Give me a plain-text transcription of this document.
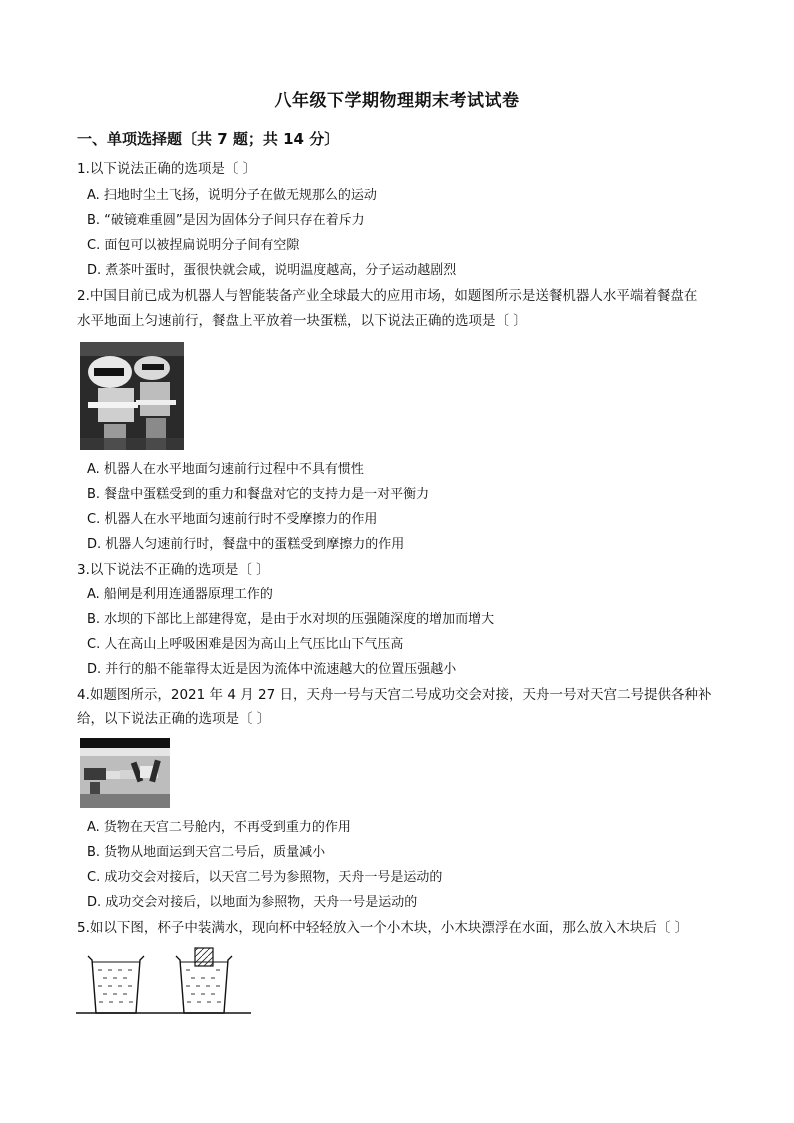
八年级下学期物理期末考试试卷
一、单项选择题〔共 7 题；共 14 分〕
1.以下说法正确的选项是〔 〕
A. 扫地时尘土飞扬，说明分子在做无规那么的运动
B. “破镜难重圆”是因为固体分子间只存在着斥力
C. 面包可以被捏扁说明分子间有空隙
D. 煮茶叶蛋时，蛋很快就会咸，说明温度越高，分子运动越剧烈
2.中国目前已成为机器人与智能装备产业全球最大的应用市场，如题图所示是送餐机器人水平端着餐盘在
水平地面上匀速前行，餐盘上平放着一块蛋糕，以下说法正确的选项是〔 〕
A. 机器人在水平地面匀速前行过程中不具有惯性
B. 餐盘中蛋糕受到的重力和餐盘对它的支持力是一对平衡力
C. 机器人在水平地面匀速前行时不受摩擦力的作用
D. 机器人匀速前行时，餐盘中的蛋糕受到摩擦力的作用
3.以下说法不正确的选项是〔 〕
A. 船闸是利用连通器原理工作的
B. 水坝的下部比上部建得宽，是由于水对坝的压强随深度的增加而增大
C. 人在高山上呼吸困难是因为高山上气压比山下气压高
D. 并行的船不能靠得太近是因为流体中流速越大的位置压强越小
4.如题图所示，2021 年 4 月 27 日，天舟一号与天宫二号成功交会对接，天舟一号对天宫二号提供各种补
给，以下说法正确的选项是〔 〕
A. 货物在天宫二号舱内，不再受到重力的作用
B. 货物从地面运到天宫二号后，质量减小
C. 成功交会对接后，以天宫二号为参照物，天舟一号是运动的
D. 成功交会对接后，以地面为参照物，天舟一号是运动的
5.如以下图，杯子中装满水，现向杯中轻轻放入一个小木块，小木块漂浮在水面，那么放入木块后〔 〕
